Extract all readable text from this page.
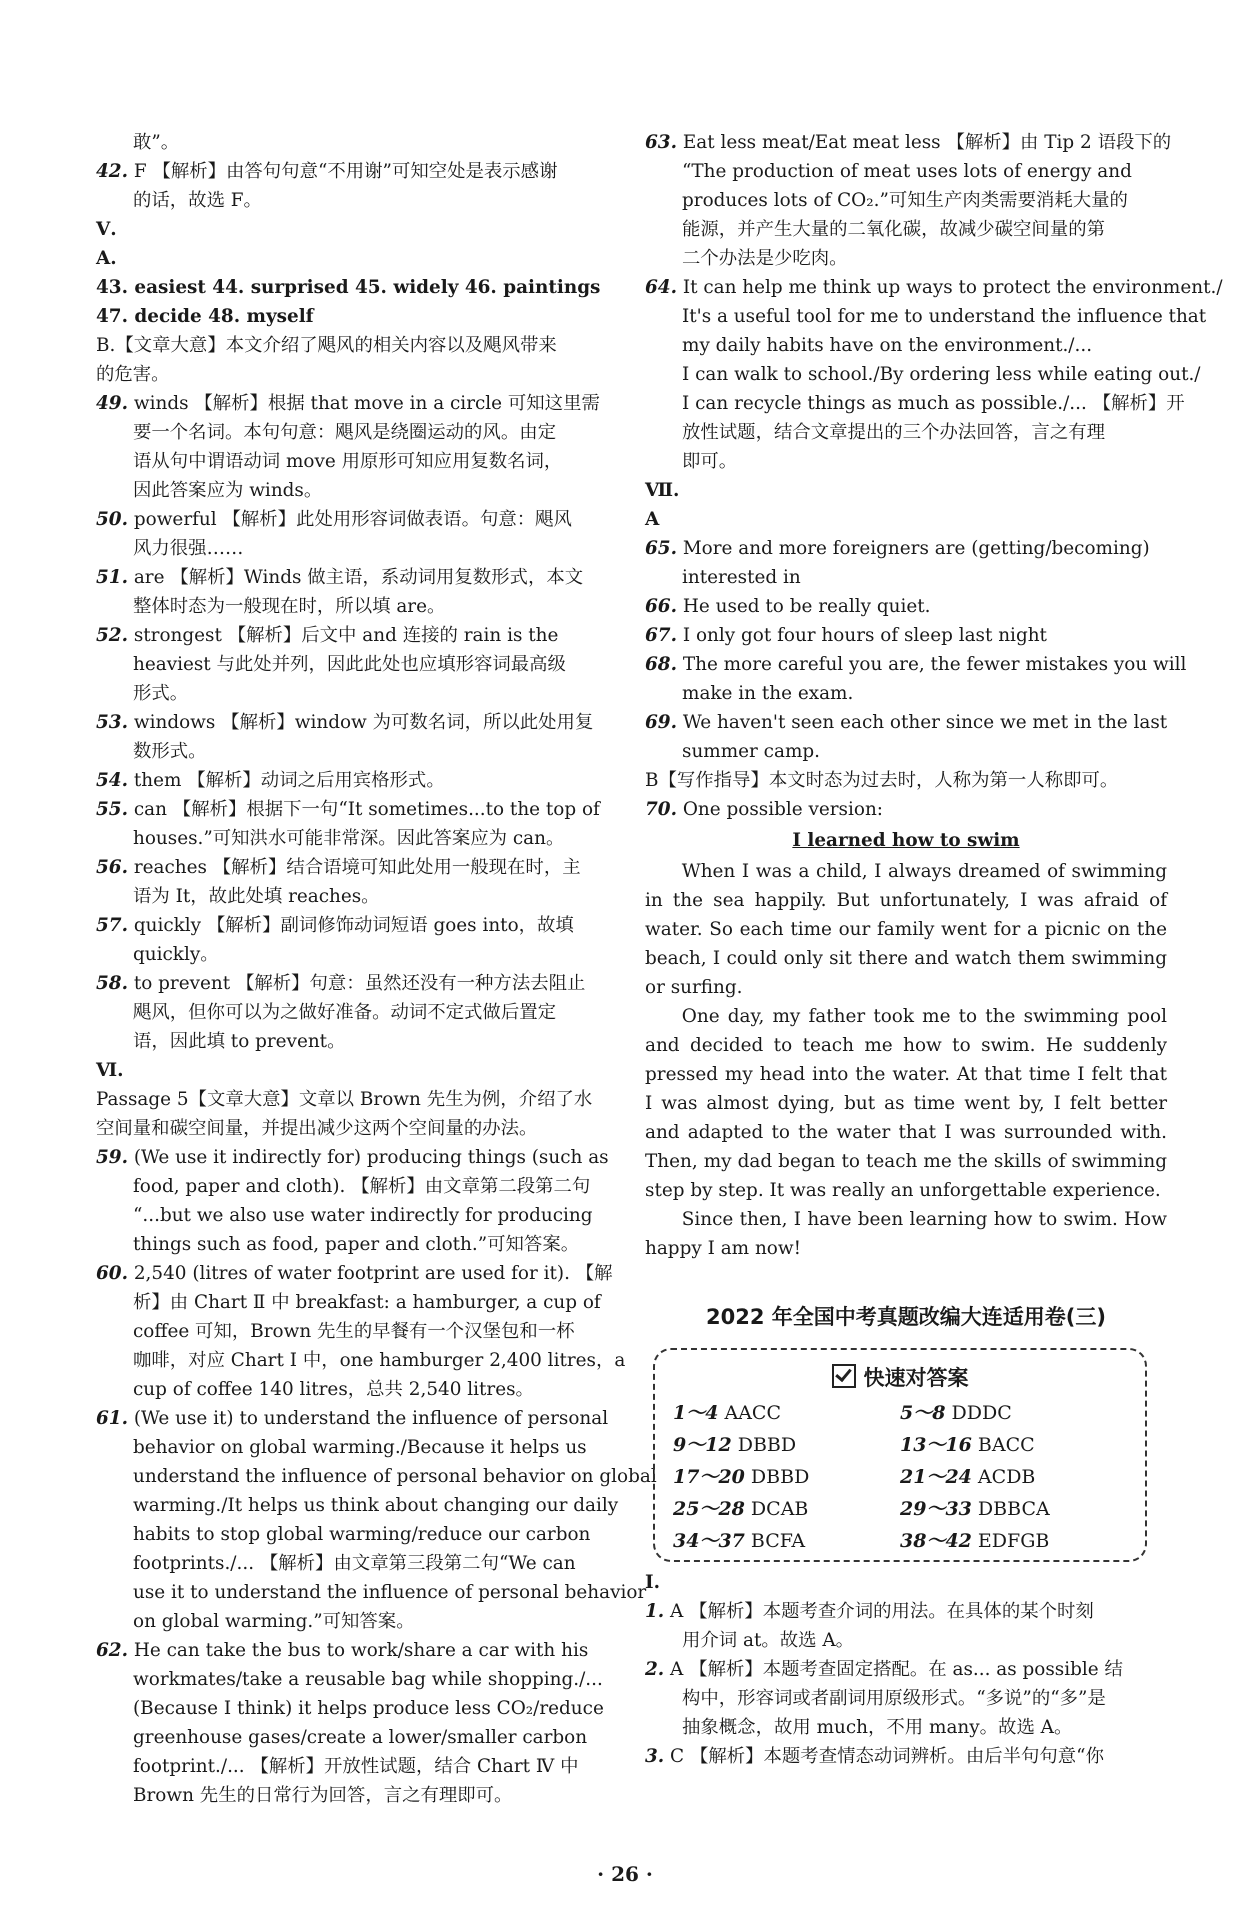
敢”。
42. F 【解析】由答句句意“不用谢”可知空处是表示感谢
的话，故选 F。
Ⅴ.
A.
43. easiest 44. surprised 45. widely 46. paintings
47. decide 48. myself
B.【文章大意】本文介绍了飓风的相关内容以及飓风带来
的危害。
49. winds 【解析】根据 that move in a circle 可知这里需
要一个名词。本句句意：飓风是绕圈运动的风。由定
语从句中谓语动词 move 用原形可知应用复数名词，
因此答案应为 winds。
50. powerful 【解析】此处用形容词做表语。句意：飓风
风力很强……
51. are 【解析】Winds 做主语，系动词用复数形式，本文
整体时态为一般现在时，所以填 are。
52. strongest 【解析】后文中 and 连接的 rain is the
heaviest 与此处并列，因此此处也应填形容词最高级
形式。
53. windows 【解析】window 为可数名词，所以此处用复
数形式。
54. them 【解析】动词之后用宾格形式。
55. can 【解析】根据下一句“It sometimes...to the top of
houses.”可知洪水可能非常深。因此答案应为 can。
56. reaches 【解析】结合语境可知此处用一般现在时，主
语为 It，故此处填 reaches。
57. quickly 【解析】副词修饰动词短语 goes into，故填
quickly。
58. to prevent 【解析】句意：虽然还没有一种方法去阻止
飓风，但你可以为之做好准备。动词不定式做后置定
语，因此填 to prevent。
Ⅵ.
Passage 5【文章大意】文章以 Brown 先生为例，介绍了水
空间量和碳空间量，并提出减少这两个空间量的办法。
59. (We use it indirectly for) producing things (such as
food, paper and cloth). 【解析】由文章第二段第二句
“...but we also use water indirectly for producing
things such as food, paper and cloth.”可知答案。
60. 2,540 (litres of water footprint are used for it). 【解
析】由 Chart Ⅱ 中 breakfast: a hamburger, a cup of
coffee 可知，Brown 先生的早餐有一个汉堡包和一杯
咖啡，对应 Chart Ⅰ 中，one hamburger 2,400 litres，a
cup of coffee 140 litres，总共 2,540 litres。
61. (We use it) to understand the influence of personal
behavior on global warming./Because it helps us
understand the influence of personal behavior on global
warming./It helps us think about changing our daily
habits to stop global warming/reduce our carbon
footprints./... 【解析】由文章第三段第二句“We can
use it to understand the influence of personal behavior
on global warming.”可知答案。
62. He can take the bus to work/share a car with his
workmates/take a reusable bag while shopping./...
(Because I think) it helps produce less CO₂/reduce
greenhouse gases/create a lower/smaller carbon
footprint./... 【解析】开放性试题，结合 Chart Ⅳ 中
Brown 先生的日常行为回答，言之有理即可。
63. Eat less meat/Eat meat less 【解析】由 Tip 2 语段下的
“The production of meat uses lots of energy and
produces lots of CO₂.”可知生产肉类需要消耗大量的
能源，并产生大量的二氧化碳，故减少碳空间量的第
二个办法是少吃肉。
64. It can help me think up ways to protect the environment./
It's a useful tool for me to understand the influence that
my daily habits have on the environment./...
I can walk to school./By ordering less while eating out./
I can recycle things as much as possible./... 【解析】开
放性试题，结合文章提出的三个办法回答，言之有理
即可。
Ⅶ.
A
65. More and more foreigners are (getting/becoming)
interested in
66. He used to be really quiet.
67. I only got four hours of sleep last night
68. The more careful you are, the fewer mistakes you will
make in the exam.
69. We haven't seen each other since we met in the last
summer camp.
B【写作指导】本文时态为过去时，人称为第一人称即可。
70. One possible version:
I learned how to swim

When I was a child, I always dreamed of swimming in the sea happily. But unfortunately, I was afraid of water. So each time our family went for a picnic on the beach, I could only sit there and watch them swimming or surfing.

One day, my father took me to the swimming pool and decided to teach me how to swim. He suddenly pressed my head into the water. At that time I felt that I was almost dying, but as time went by, I felt better and adapted to the water that I was surrounded with. Then, my dad began to teach me the skills of swimming step by step. It was really an unforgettable experience.

Since then, I have been learning how to swim. How happy I am now!

2022 年全国中考真题改编大连适用卷(三)
快速对答案
1～4 AACC	5～8 DDDC
9～12 DBBD	13～16 BACC
17～20 DBBD	21～24 ACDB
25～28 DCAB	29～33 DBBCA
34～37 BCFA	38～42 EDFGB
Ⅰ.
1. A 【解析】本题考查介词的用法。在具体的某个时刻
用介词 at。故选 A。
2. A 【解析】本题考查固定搭配。在 as... as possible 结
构中，形容词或者副词用原级形式。“多说”的“多”是
抽象概念，故用 much，不用 many。故选 A。
3. C 【解析】本题考查情态动词辨析。由后半句句意“你
· 26 ·
